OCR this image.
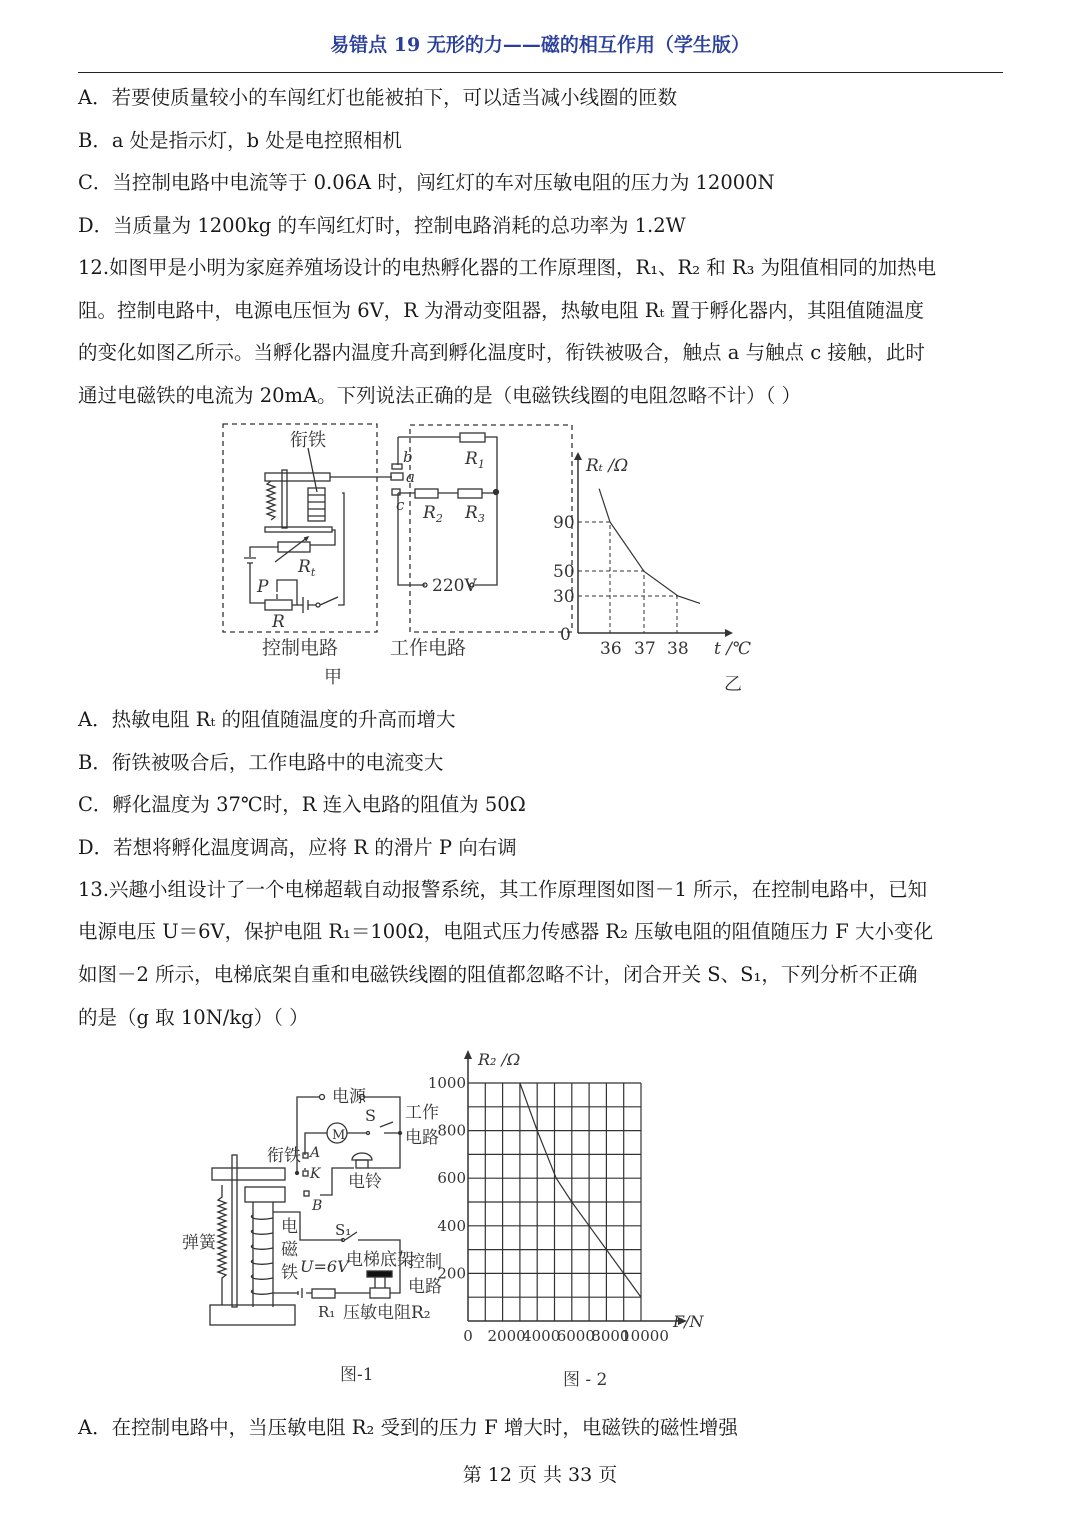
易错点 19 无形的力——磁的相互作用（学生版）
A．若要使质量较小的车闯红灯也能被拍下，可以适当减小线圈的匝数
B．a 处是指示灯，b 处是电控照相机
C．当控制电路中电流等于 0.06A 时，闯红灯的车对压敏电阻的压力为 12000N
D．当质量为 1200kg 的车闯红灯时，控制电路消耗的总功率为 1.2W
12.如图甲是小明为家庭养殖场设计的电热孵化器的工作原理图，R₁、R₂ 和 R₃ 为阻值相同的加热电
阻。控制电路中，电源电压恒为 6V，R 为滑动变阻器，热敏电阻 Rₜ 置于孵化器内，其阻值随温度
的变化如图乙所示。当孵化器内温度升高到孵化温度时，衔铁被吸合，触点 a 与触点 c 接触，此时
通过电磁铁的电流为 20mA。下列说法正确的是（电磁铁线圈的电阻忽略不计）（ ）
衔铁
b
a
c
$R_1$
$R_2$ $R_3$
$R_t$
P
R
220V
控制电路	工作电路
甲
Rₜ /Ω
t /℃
0
90
50
30
36 37 38
乙
A．热敏电阻 Rₜ 的阻值随温度的升高而增大
B．衔铁被吸合后，工作电路中的电流变大
C．孵化温度为 37℃时，R 连入电路的阻值为 50Ω
D．若想将孵化温度调高，应将 R 的滑片 P 向右调
13.兴趣小组设计了一个电梯超载自动报警系统，其工作原理图如图－1 所示，在控制电路中，已知
电源电压 U＝6V，保护电阻 R₁＝100Ω，电阻式压力传感器 R₂ 压敏电阻的阻值随压力 F 大小变化
如图－2 所示，电梯底架自重和电磁铁线圈的阻值都忽略不计，闭合开关 S、S₁，下列分析不正确
的是（g 取 10N/kg）（ ）
电源
S
M
工作
电路
衔铁 A
K
B
电铃
弹簧
电
磁
铁
S₁
U=6V
电梯底架
控制
电路
R₁ 压敏电阻R₂
图-1
R₂ /Ω
F/N
1000
800
600
400
200
0 2000
4000
6000
8000
10000
图 - 2
A．在控制电路中，当压敏电阻 R₂ 受到的压力 F 增大时，电磁铁的磁性增强
第 12 页 共 33 页
